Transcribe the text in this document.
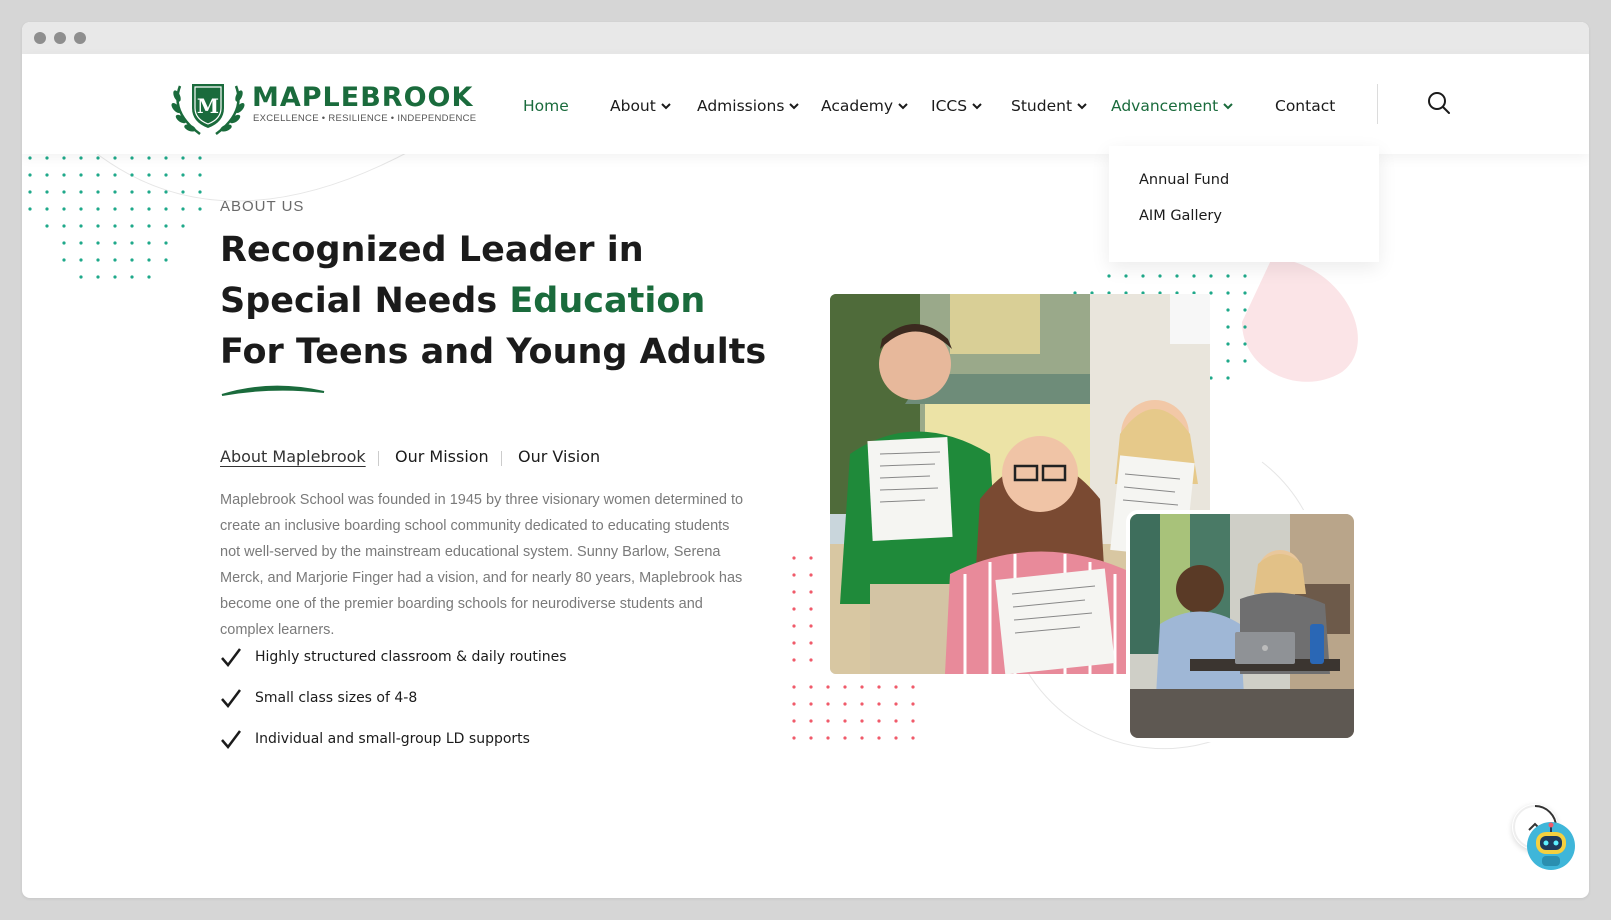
M MAPLEBROOK
EXCELLENCE • RESILIENCE • INDEPENDENCE
Home	About	Admissions Academy ICCS	Student	Advancement	Contact
Annual Fund
AIM Gallery
ABOUT US
Recognized Leader in Special Needs Education For Teens and Young Adults
About Maplebrook Our Mission Our Vision
Maplebrook School was founded in 1945 by three visionary women determined to create an inclusive boarding school community dedicated to educating students not well-served by the mainstream educational system. Sunny Barlow, Serena Merck, and Marjorie Finger had a vision, and for nearly 80 years, Maplebrook has become one of the premier boarding schools for neurodiverse students and complex learners.
Highly structured classroom & daily routines
Small class sizes of 4-8
Individual and small-group LD supports
